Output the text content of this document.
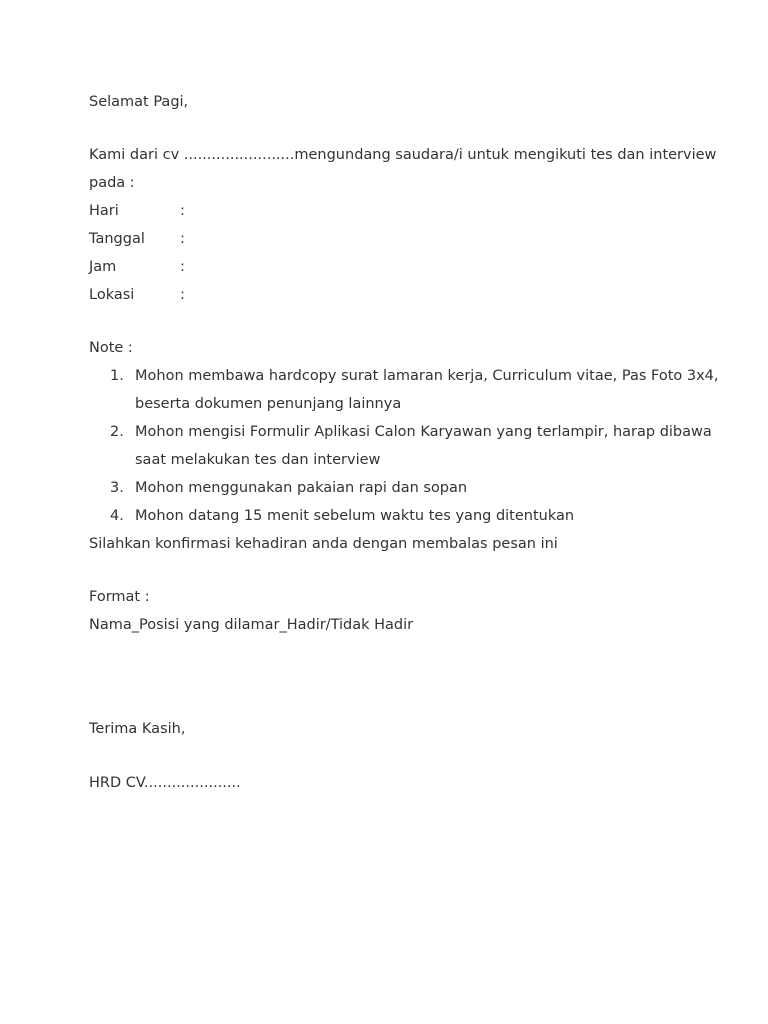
Selamat Pagi,
Kami dari cv ........................mengundang saudara/i untuk mengikuti tes dan interview
pada :
Hari	:
Tanggal :
Jam	:
Lokasi	:
Note :
1. Mohon membawa hardcopy surat lamaran kerja, Curriculum vitae, Pas Foto 3x4,
beserta dokumen penunjang lainnya
2. Mohon mengisi Formulir Aplikasi Calon Karyawan yang terlampir, harap dibawa
saat melakukan tes dan interview
3. Mohon menggunakan pakaian rapi dan sopan
4. Mohon datang 15 menit sebelum waktu tes yang ditentukan
Silahkan konfirmasi kehadiran anda dengan membalas pesan ini
Format :
Nama_Posisi yang dilamar_Hadir/Tidak Hadir
Terima Kasih,
HRD CV.....................
